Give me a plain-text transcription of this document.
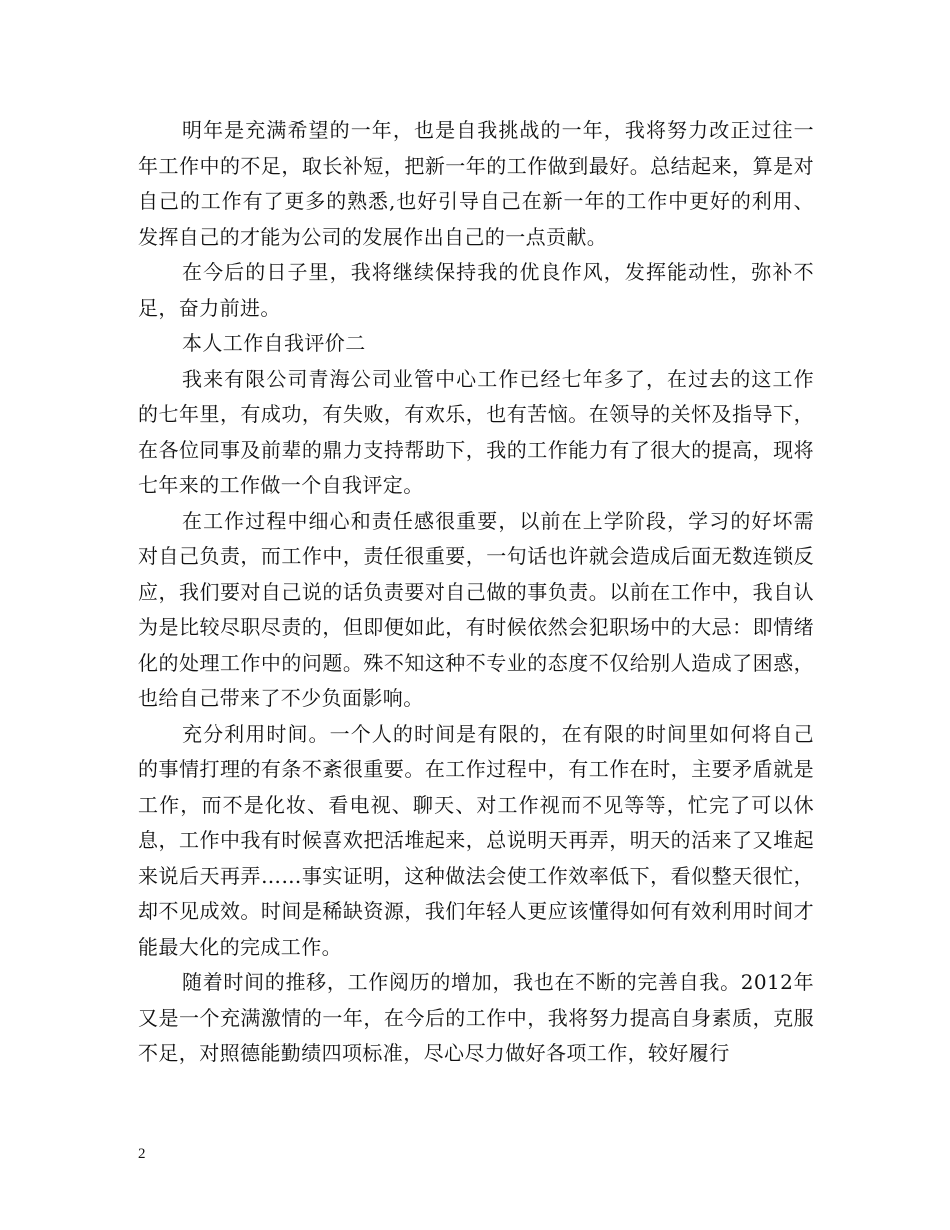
明年是充满希望的一年，也是自我挑战的一年，我将努力改正过往一年工作中的不足，取长补短，把新一年的工作做到最好。总结起来，算是对自己的工作有了更多的熟悉,也好引导自己在新一年的工作中更好的利用、发挥自己的才能为公司的发展作出自己的一点贡献。

在今后的日子里，我将继续保持我的优良作风，发挥能动性，弥补不足，奋力前进。

本人工作自我评价二

我来有限公司青海公司业管中心工作已经七年多了，在过去的这工作的七年里，有成功，有失败，有欢乐，也有苦恼。在领导的关怀及指导下，在各位同事及前辈的鼎力支持帮助下，我的工作能力有了很大的提高，现将七年来的工作做一个自我评定。

在工作过程中细心和责任感很重要，以前在上学阶段，学习的好坏需对自己负责，而工作中，责任很重要，一句话也许就会造成后面无数连锁反应，我们要对自己说的话负责要对自己做的事负责。以前在工作中，我自认为是比较尽职尽责的，但即便如此，有时候依然会犯职场中的大忌：即情绪化的处理工作中的问题。殊不知这种不专业的态度不仅给别人造成了困惑，也给自己带来了不少负面影响。

充分利用时间。一个人的时间是有限的，在有限的时间里如何将自己的事情打理的有条不紊很重要。在工作过程中，有工作在时，主要矛盾就是工作，而不是化妆、看电视、聊天、对工作视而不见等等，忙完了可以休息，工作中我有时候喜欢把活堆起来，总说明天再弄，明天的活来了又堆起来说后天再弄……事实证明，这种做法会使工作效率低下，看似整天很忙，却不见成效。时间是稀缺资源，我们年轻人更应该懂得如何有效利用时间才能最大化的完成工作。

随着时间的推移，工作阅历的增加，我也在不断的完善自我。2012年又是一个充满激情的一年，在今后的工作中，我将努力提高自身素质，克服不足，对照德能勤绩四项标准，尽心尽力做好各项工作，较好履行

2
